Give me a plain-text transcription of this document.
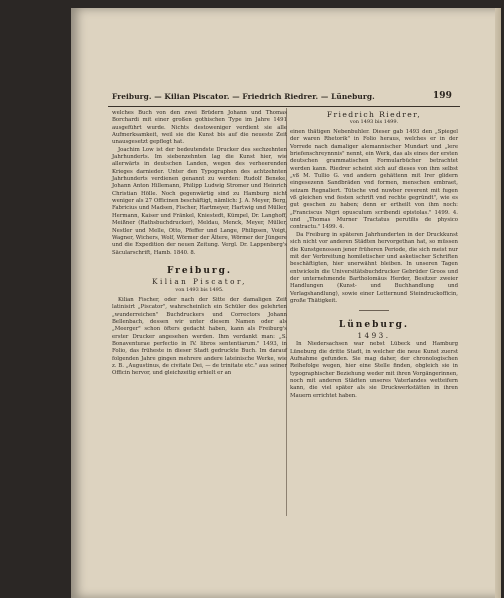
Freiburg. — Kilian Piscator. — Friedrich Riedrer. — Lüneburg.	199

welches Buch von den zwei Brüdern Johann und Thomas Borchardi mit einer großen gothischen Type im Jahre 1491 ausgeführt wurde. Nichts destoweniger verdient sie alle Aufmerksamkeit, weil sie die Kunst bis auf die neueste Zeit unausgesetzt gepflegt hat.

Joachim Low ist der bedeutendste Drucker des sechzehnten Jahrhunderts. Im siebenzehnten lag die Kunst hier, wie allerwärts in deutschen Landen, wegen des verheerenden Krieges darnieder. Unter den Typographen des achtzehnten Jahrhunderts verdienen genannt zu werden: Rudolf Beneke, Johann Anton Hillemann, Philipp Ludwig Stromer und Heinrich Christian Hölle. Noch gegenwärtig sind zu Hamburg nicht weniger als 27 Officinen beschäftigt, nämlich: J. A. Meyer, Berg, Fabricius und Madsen, Fischer, Hartmeyer, Hartwig und Müller, Hermann, Kaiser und Fränkel, Kniestedt, Kümpel, Dr. Langhoff, Meißner (Rathsbuchdrucker), Meldau, Menck, Meyer, Müller, Nestler und Melle, Otto, Pfeffer und Lange, Philipsen, Voigt, Wagner, Wichers, Wolf, Wörmer der Ältere, Wörmer der Jüngere und die Expedition der neuen Zeitung. Vergl. Dr. Lappenberg's Säcularschrift, Hamb. 1840. 8.

Freiburg.
Kilian Piscator,
von 1493 bis 1495.

Kilian Fischer, oder nach der Sitte der damaligen Zeit latinisirt „Piscator", wahrscheinlich ein Schüler des gelehrten „wunderreichen" Buchdruckers und Correctors Johann Bellenbach, dessen wir unter diesem Namen oder als „Meerger" schon öfters gedacht haben, kann als Freiburg's erster Drucker angesehen werden. Ihm verdankt man: „S. Bonaventurae perfectio in IV. libros sententiarum." 1493, in Folio, das früheste in dieser Stadt gedruckte Buch. Im darauf folgenden Jahre gingen mehrere andere lateinische Werke, wie z. B. „Augustinus, de civitate Dei, — de trinitate etc." aus seiner Officin hervor, und gleichzeitig erhielt er an

Friedrich Riedrer,
von 1493 bis 1499.

einen thätigen Nebenbuhler. Dieser gab 1493 den „Spiegel der waren Rhetorik" in Folio heraus, welches er in der Vorrede nach damaliger alemannischer Mundart und „lere briefenschreynnnis" nennt, ein Werk, das als eines der ersten deutschen grammatischen Formularbücher betrachtet werden kann. Riedrer scheint sich auf dieses von ihm selbst „vß M. Tullio G. vnd andern gehättenn mit Irer glidern eingesezenn Sandbräden vnd formen, menschen embraet, seizam Regnaliert. Tütsche vnd nuwber reverent mit fugen vß gleichen vnd festen schrift vnd rechte gegründt", wie es gut geschen zu haben; denn er ertheilt von ihm noch: „Franciscus Nigri opusculum scribendi epistolas." 1499. 4. und „Thomas Murner Tractatus perutilis de physico contractu." 1499. 4.

Da Freiburg in späteren Jahrhunderten in der Druckkunst sich nicht vor anderen Städten hervorgethan hat, so müssen die Kunstgenossen jener früheren Periode, die sich meist nur mit der Verbreitung homiletischer und asketischer Schriften beschäftigten, hier unerwähnt bleiben. In unseren Tagen entwickeln die Universitätsbuchdrucker Gebrüder Groos und der unternehmende Bartholomäus Herder, Besitzer zweier Handlungen (Kunst- und Buchhandlung und Verlagshandlung), sowie einer Letternund Steindruckofficin, große Thätigkeit.

Lüneburg.
1493.

In Niedersachsen war nebst Lübeck und Hamburg Lüneburg die dritte Stadt, in welcher die neue Kunst zuerst Aufnahme gefunden. Sie mag daher, der chronologischen Reihefolge wegen, hier eine Stelle finden, obgleich sie in typographischer Beziehung weder mit ihren Vorgängerinnen, noch mit anderen Städten unseres Vaterlandes wetteifern kann, die viel später als sie Druckwerkstätten in ihren Mauern errichtet haben.
